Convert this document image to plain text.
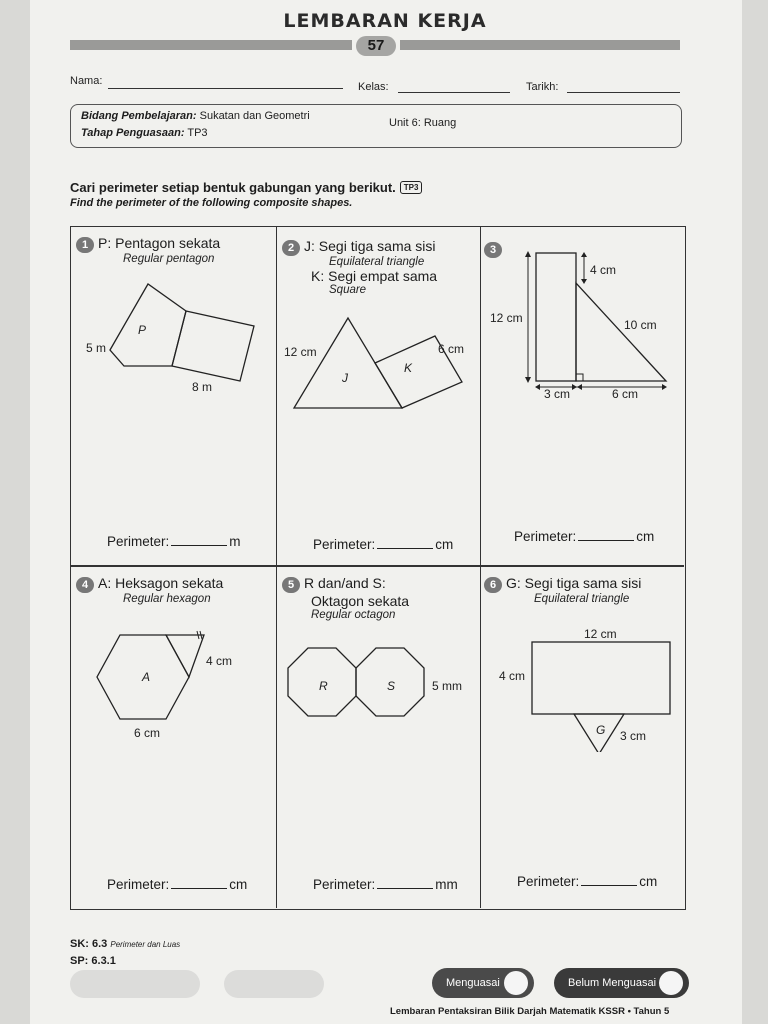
LEMBARAN KERJA
57
Nama:	Kelas:	Tarikh:
Bidang Pembelajaran: Sukatan dan Geometri
Tahap Penguasaan: TP3
Unit 6: Ruang
Cari perimeter setiap bentuk gabungan yang berikut. TP3
Find the perimeter of the following composite shapes.
1 P: Pentagon sekata
Regular pentagon
P
5 m
8 m
Perimeter:	m
2 J: Segi tiga sama sisi
Equilateral triangle
K: Segi empat sama
Square
J
K
12 cm	6 cm
Perimeter:	cm
3
4 cm
12 cm	10 cm
3 cm	6 cm
Perimeter:	cm
4 A: Heksagon sekata
Regular hexagon
A
4 cm
6 cm
Perimeter:	cm
5 R dan/and S:
Oktagon sekata
Regular octagon
R	S	5 mm
Perimeter:	mm
6 G: Segi tiga sama sisi
Equilateral triangle
12 cm
4 cm
G 3 cm
Perimeter:	cm
SK: 6.3 Perimeter dan Luas
SP: 6.3.1
Menguasai	Belum Menguasai
Lembaran Pentaksiran Bilik Darjah Matematik KSSR • Tahun 5
